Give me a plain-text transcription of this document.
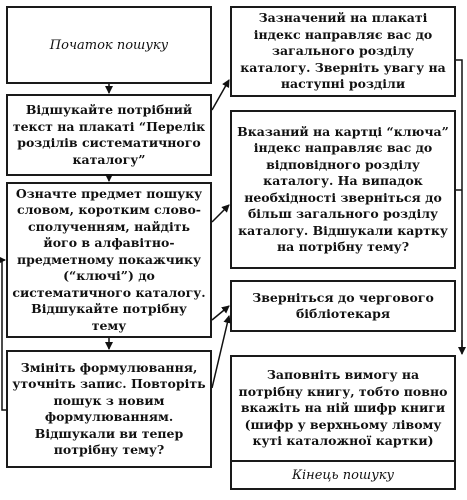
Початок пошуку
Відшукайте потрібний текст на плакаті “Перелік розділів систематичного каталогу”
Означте предмет пошуку словом, коротким слово-сполученням, найдіть його в алфавітно-предметному покажчику (“ключі”) до систематичного каталогу. Відшукайте потрібну тему
Змініть формулювання, уточніть запис. Повторіть пошук з новим формулюванням. Відшукали ви тепер потрібну тему?
Зазначений на плакаті індекс направляє вас до загального розділу каталогу. Зверніть увагу на наступні розділи
Вказаний на картці “ключа” індекс направляє вас до відповідного розділу каталогу. На випадок необхідності зверніться до більш загального розділу каталогу. Відшукали картку на потрібну тему?
Зверніться до чергового бібліотекаря
Заповніть вимогу на потрібну книгу, тобто повно вкажіть на ній шифр книги (шифр у верхньому лівому куті каталожної картки)
Кінець пошуку
